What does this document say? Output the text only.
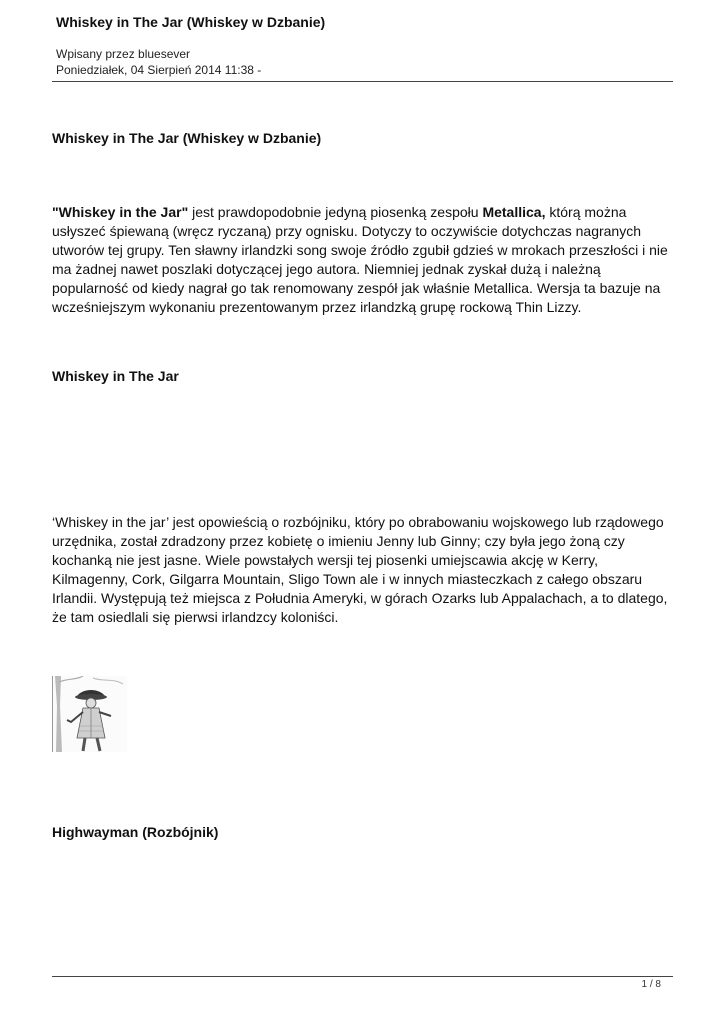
Whiskey in The Jar (Whiskey w Dzbanie)
Wpisany przez bluesever
Poniedziałek, 04 Sierpień 2014 11:38 -
Whiskey in The Jar (Whiskey w Dzbanie)
"Whiskey in the Jar" jest prawdopodobnie jedyną piosenką zespołu Metallica, którą można usłyszeć śpiewaną (wręcz ryczaną) przy ognisku. Dotyczy to oczywiście dotychczas nagranych utworów tej grupy. Ten sławny irlandzki song swoje źródło zgubił gdzieś w mrokach przeszłości i nie ma żadnej nawet poszlaki dotyczącej jego autora. Niemniej jednak zyskał dużą i należną popularność od kiedy nagrał go tak renomowany zespół jak właśnie Metallica. Wersja ta bazuje na wcześniejszym wykonaniu prezentowanym przez irlandzką grupę rockową Thin Lizzy.
Whiskey in The Jar
‘Whiskey in the jar’ jest opowieścią o rozbójniku, który po obrabowaniu wojskowego lub rządowego urzędnika, został zdradzony przez kobietę o imieniu Jenny lub Ginny; czy była jego żoną czy kochanką nie jest jasne. Wiele powstałych wersji tej piosenki umiejscawia akcję w Kerry, Kilmagenny, Cork, Gilgarra Mountain, Sligo Town ale i w innych miasteczkach z całego obszaru Irlandii. Występują też miejsca z Południa Ameryki, w górach Ozarks lub Appalachach, a to dlatego, że tam osiedlali się pierwsi irlandzcy koloniści.
Highwayman (Rozbójnik)
1 / 8
